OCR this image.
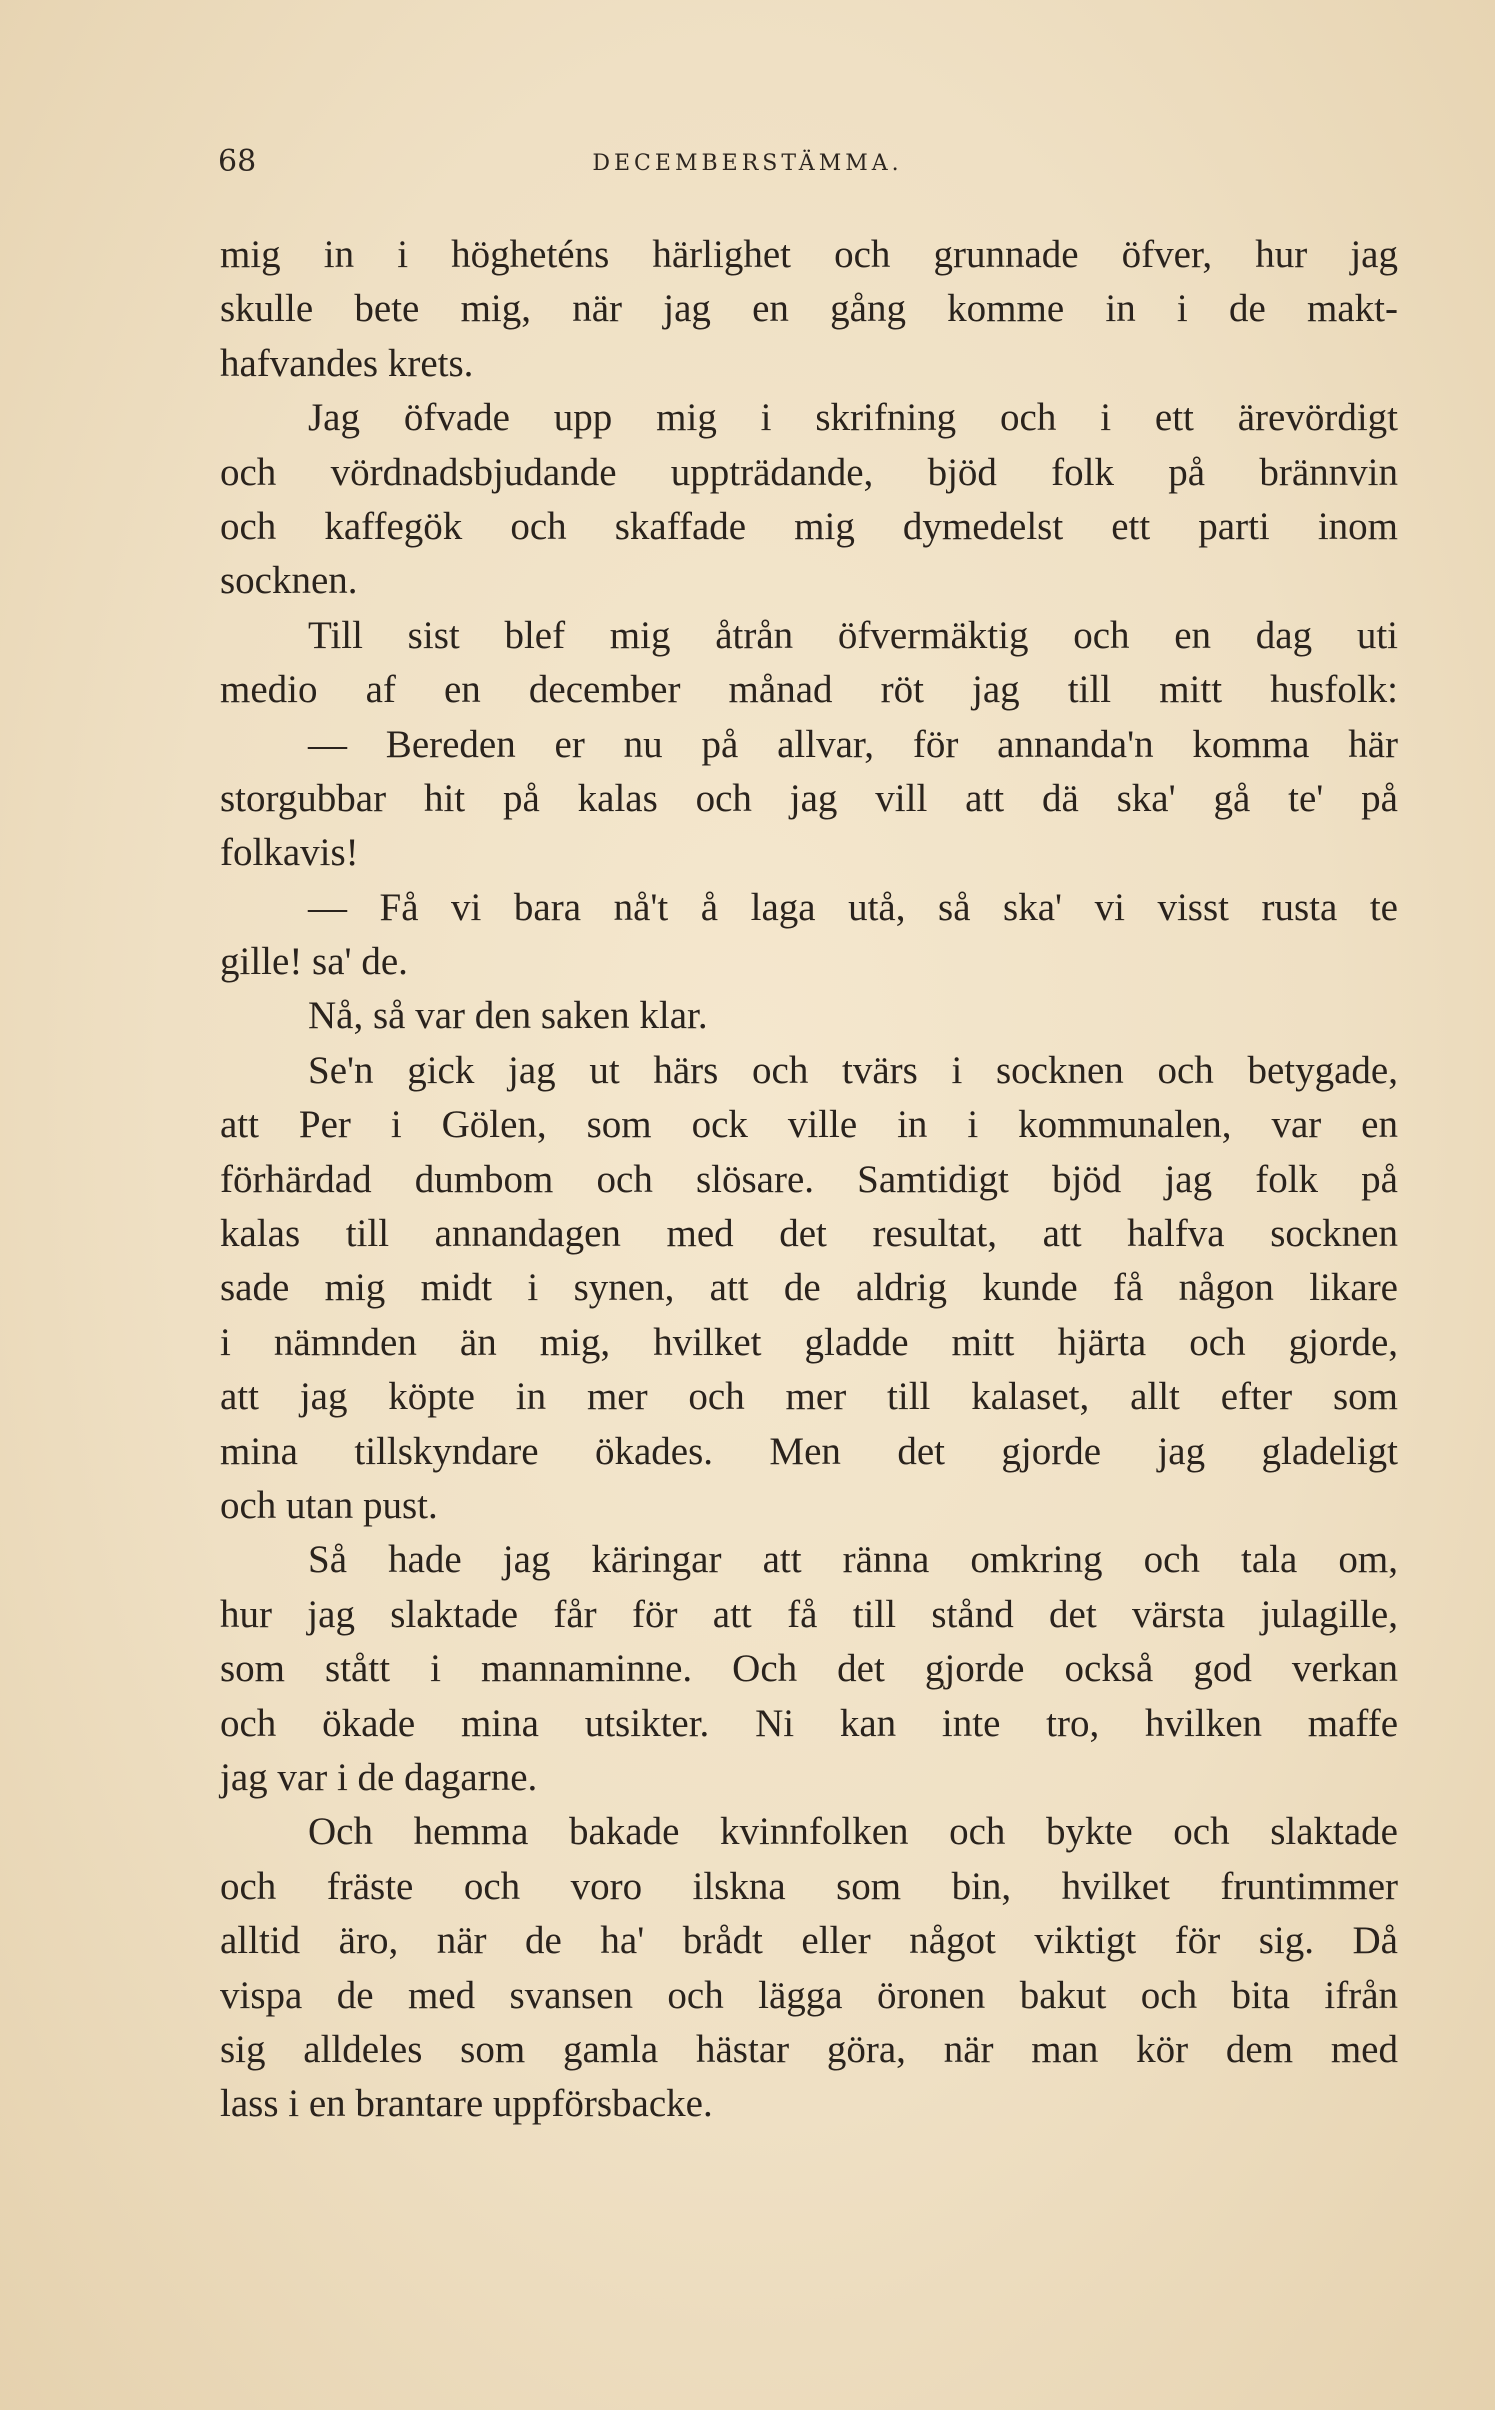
68	DECEMBERSTÄMMA.
mig in i högheténs härlighet och grunnade öfver, hur jag
skulle bete mig, när jag en gång komme in i de makt-
hafvandes krets.
Jag öfvade upp mig i skrifning och i ett ärevördigt
och vördnadsbjudande uppträdande, bjöd folk på brännvin
och kaffegök och skaffade mig dymedelst ett parti inom
socknen.
Till sist blef mig åtrån öfvermäktig och en dag uti
medio af en december månad röt jag till mitt husfolk:
— Bereden er nu på allvar, för annanda'n komma här
storgubbar hit på kalas och jag vill att dä ska' gå te' på
folkavis!
— Få vi bara nå't å laga utå, så ska' vi visst rusta te
gille! sa' de.
Nå, så var den saken klar.
Se'n gick jag ut härs och tvärs i socknen och betygade,
att Per i Gölen, som ock ville in i kommunalen, var en
förhärdad dumbom och slösare. Samtidigt bjöd jag folk på
kalas till annandagen med det resultat, att halfva socknen
sade mig midt i synen, att de aldrig kunde få någon likare
i nämnden än mig, hvilket gladde mitt hjärta och gjorde,
att jag köpte in mer och mer till kalaset, allt efter som
mina tillskyndare ökades. Men det gjorde jag gladeligt
och utan pust.
Så hade jag käringar att ränna omkring och tala om,
hur jag slaktade får för att få till stånd det värsta julagille,
som stått i mannaminne. Och det gjorde också god verkan
och ökade mina utsikter. Ni kan inte tro, hvilken maffe
jag var i de dagarne.
Och hemma bakade kvinnfolken och bykte och slaktade
och fräste och voro ilskna som bin, hvilket fruntimmer
alltid äro, när de ha' brådt eller något viktigt för sig. Då
vispa de med svansen och lägga öronen bakut och bita ifrån
sig alldeles som gamla hästar göra, när man kör dem med
lass i en brantare uppförsbacke.
